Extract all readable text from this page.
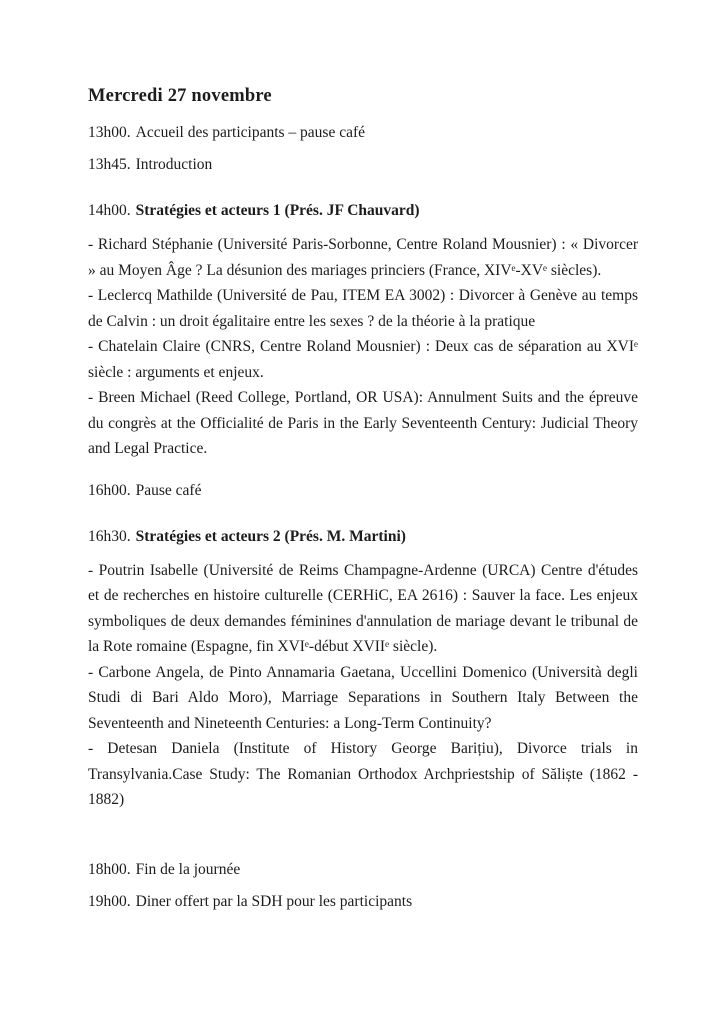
Mercredi 27 novembre
13h00. Accueil des participants – pause café
13h45. Introduction
14h00. Stratégies et acteurs 1 (Prés. JF Chauvard)

- Richard Stéphanie (Université Paris-Sorbonne, Centre Roland Mousnier) : « Divorcer » au Moyen Âge ? La désunion des mariages princiers (France, XIVᵉ-XVᵉ siècles).

- Leclercq Mathilde (Université de Pau, ITEM EA 3002) : Divorcer à Genève au temps de Calvin : un droit égalitaire entre les sexes ? de la théorie à la pratique

- Chatelain Claire (CNRS, Centre Roland Mousnier) : Deux cas de séparation au XVIᵉ siècle : arguments et enjeux.

- Breen Michael (Reed College, Portland, OR USA): Annulment Suits and the épreuve du congrès at the Officialité de Paris in the Early Seventeenth Century: Judicial Theory and Legal Practice.

16h00. Pause café
16h30. Stratégies et acteurs 2 (Prés. M. Martini)

- Poutrin Isabelle (Université de Reims Champagne-Ardenne (URCA) Centre d'études et de recherches en histoire culturelle (CERHiC, EA 2616) : Sauver la face. Les enjeux symboliques de deux demandes féminines d'annulation de mariage devant le tribunal de la Rote romaine (Espagne, fin XVIᵉ-début XVIIᵉ siècle).

- Carbone Angela, de Pinto Annamaria Gaetana, Uccellini Domenico (Università degli Studi di Bari Aldo Moro), Marriage Separations in Southern Italy Between the Seventeenth and Nineteenth Centuries: a Long-Term Continuity?

- Detesan Daniela (Institute of History George Barițiu), Divorce trials in Transylvania.Case Study: The Romanian Orthodox Archpriestship of Săliște (1862 - 1882)

18h00. Fin de la journée
19h00. Diner offert par la SDH pour les participants
